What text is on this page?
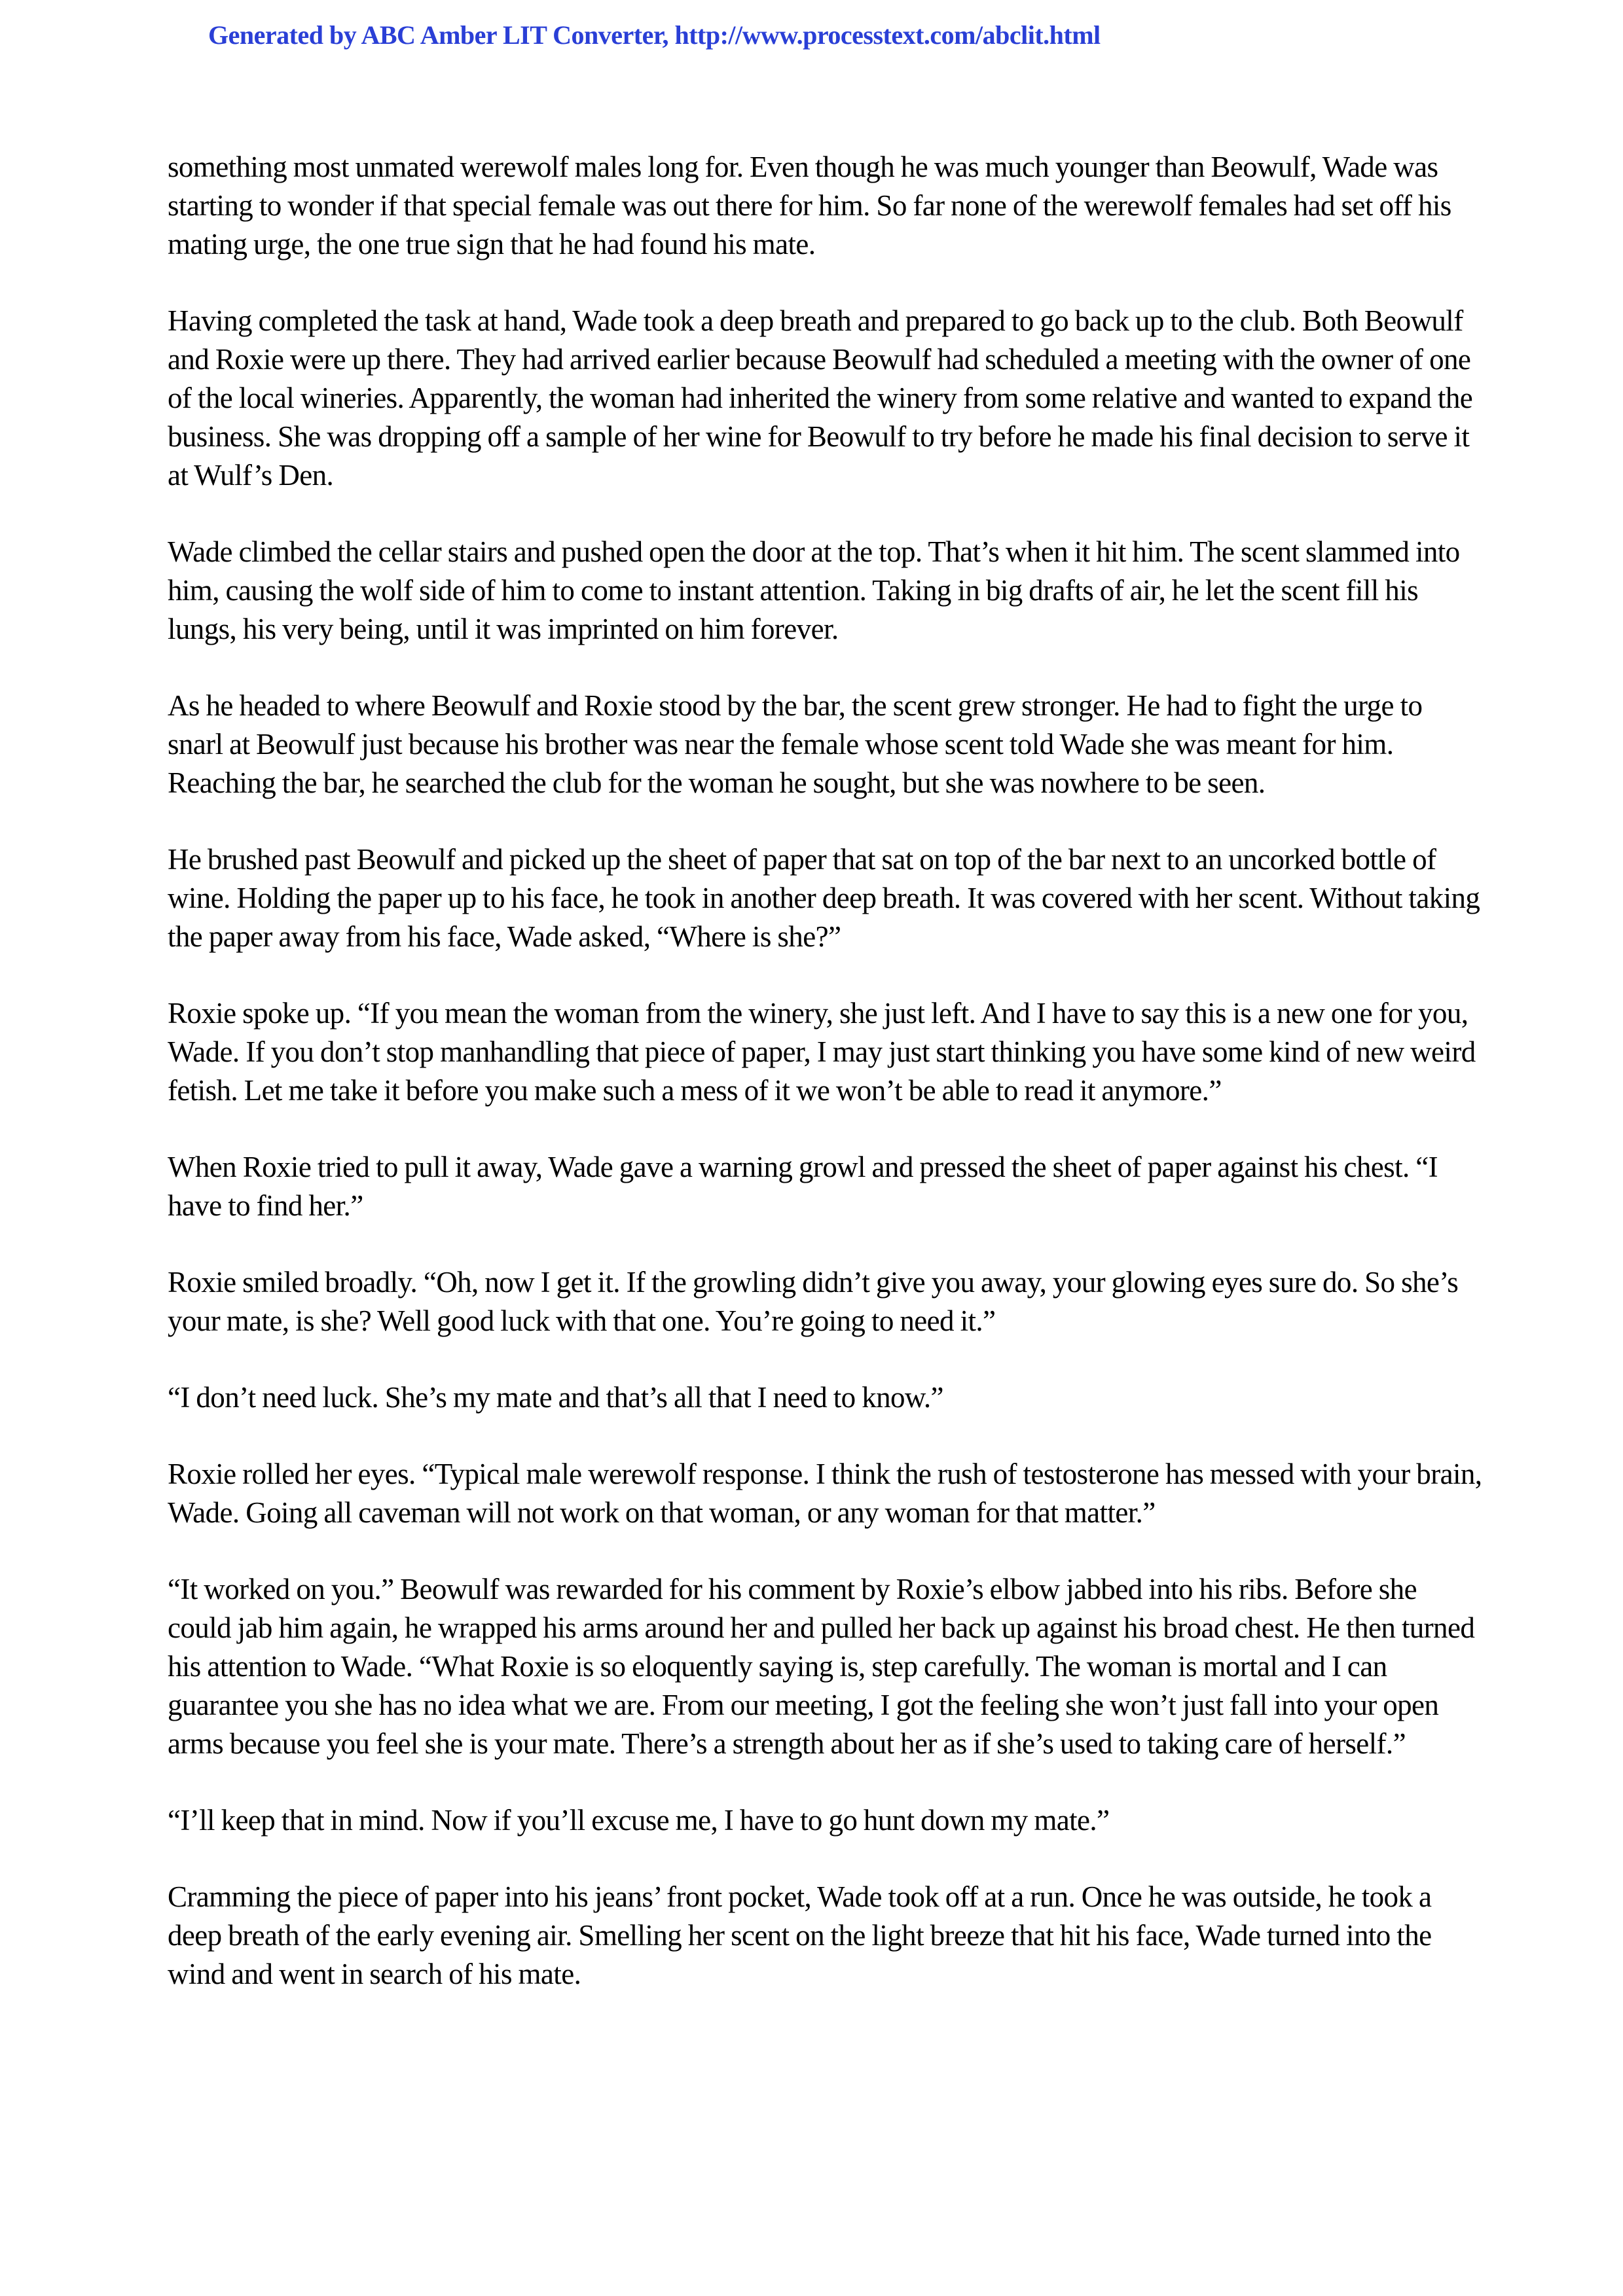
Generated by ABC Amber LIT Converter, http://www.processtext.com/abclit.html

something most unmated werewolf males long for. Even though he was much younger than Beowulf, Wade was starting to wonder if that special female was out there for him. So far none of the werewolf females had set off his mating urge, the one true sign that he had found his mate.

Having completed the task at hand, Wade took a deep breath and prepared to go back up to the club. Both Beowulf and Roxie were up there. They had arrived earlier because Beowulf had scheduled a meeting with the owner of one of the local wineries. Apparently, the woman had inherited the winery from some relative and wanted to expand the business. She was dropping off a sample of her wine for Beowulf to try before he made his final decision to serve it at Wulf’s Den.

Wade climbed the cellar stairs and pushed open the door at the top. That’s when it hit him. The scent slammed into him, causing the wolf side of him to come to instant attention. Taking in big drafts of air, he let the scent fill his lungs, his very being, until it was imprinted on him forever.

As he headed to where Beowulf and Roxie stood by the bar, the scent grew stronger. He had to fight the urge to snarl at Beowulf just because his brother was near the female whose scent told Wade she was meant for him. Reaching the bar, he searched the club for the woman he sought, but she was nowhere to be seen.

He brushed past Beowulf and picked up the sheet of paper that sat on top of the bar next to an uncorked bottle of wine. Holding the paper up to his face, he took in another deep breath. It was covered with her scent. Without taking the paper away from his face, Wade asked, “Where is she?”

Roxie spoke up. “If you mean the woman from the winery, she just left. And I have to say this is a new one for you, Wade. If you don’t stop manhandling that piece of paper, I may just start thinking you have some kind of new weird fetish. Let me take it before you make such a mess of it we won’t be able to read it anymore.”

When Roxie tried to pull it away, Wade gave a warning growl and pressed the sheet of paper against his chest. “I have to find her.”

Roxie smiled broadly. “Oh, now I get it. If the growling didn’t give you away, your glowing eyes sure do. So she’s your mate, is she? Well good luck with that one. You’re going to need it.”

“I don’t need luck. She’s my mate and that’s all that I need to know.”

Roxie rolled her eyes. “Typical male werewolf response. I think the rush of testosterone has messed with your brain, Wade. Going all caveman will not work on that woman, or any woman for that matter.”

“It worked on you.” Beowulf was rewarded for his comment by Roxie’s elbow jabbed into his ribs. Before she could jab him again, he wrapped his arms around her and pulled her back up against his broad chest. He then turned his attention to Wade. “What Roxie is so eloquently saying is, step carefully. The woman is mortal and I can guarantee you she has no idea what we are. From our meeting, I got the feeling she won’t just fall into your open arms because you feel she is your mate. There’s a strength about her as if she’s used to taking care of herself.”

“I’ll keep that in mind. Now if you’ll excuse me, I have to go hunt down my mate.”

Cramming the piece of paper into his jeans’ front pocket, Wade took off at a run. Once he was outside, he took a deep breath of the early evening air. Smelling her scent on the light breeze that hit his face, Wade turned into the wind and went in search of his mate.
